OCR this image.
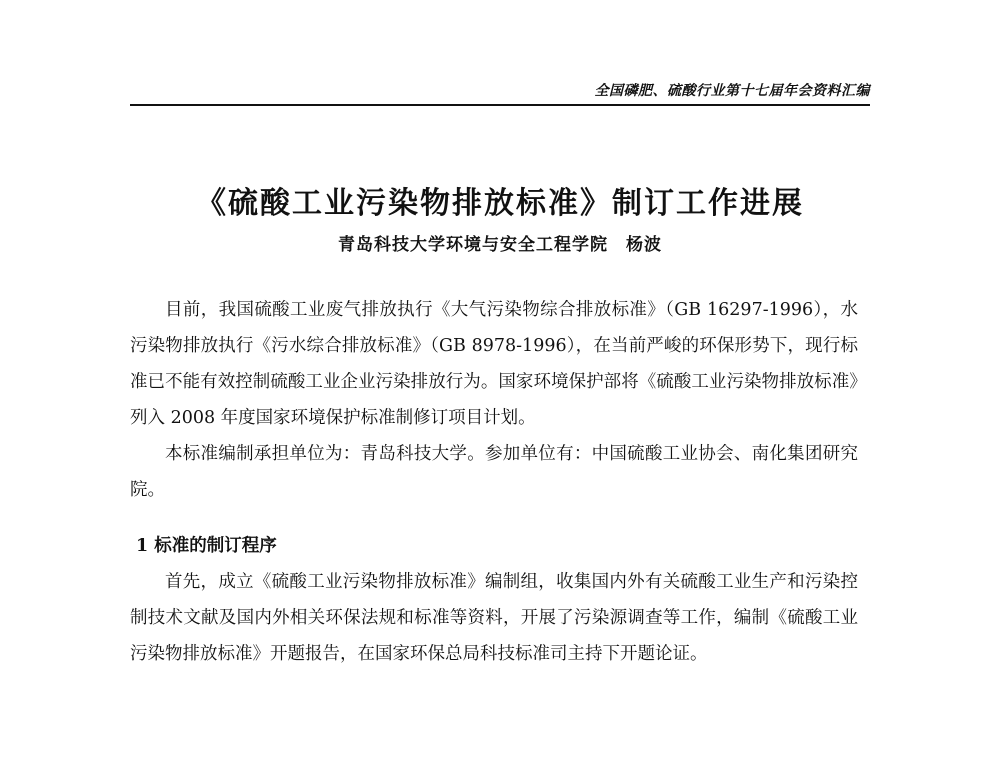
全国磷肥、硫酸行业第十七届年会资料汇编
《硫酸工业污染物排放标准》制订工作进展
青岛科技大学环境与安全工程学院　 杨波

目前，我国硫酸工业废气排放执行《大气污染物综合排放标准》（GB 16297-1996），水污染物排放执行《污水综合排放标准》（GB 8978-1996），在当前严峻的环保形势下，现行标准已不能有效控制硫酸工业企业污染排放行为。国家环境保护部将《硫酸工业污染物排放标准》列入 2008 年度国家环境保护标准制修订项目计划。

本标准编制承担单位为：青岛科技大学。参加单位有：中国硫酸工业协会、南化集团研究院。

1 标准的制订程序

首先，成立《硫酸工业污染物排放标准》编制组，收集国内外有关硫酸工业生产和污染控制技术文献及国内外相关环保法规和标准等资料，开展了污染源调查等工作，编制《硫酸工业污染物排放标准》开题报告，在国家环保总局科技标准司主持下开题论证。
